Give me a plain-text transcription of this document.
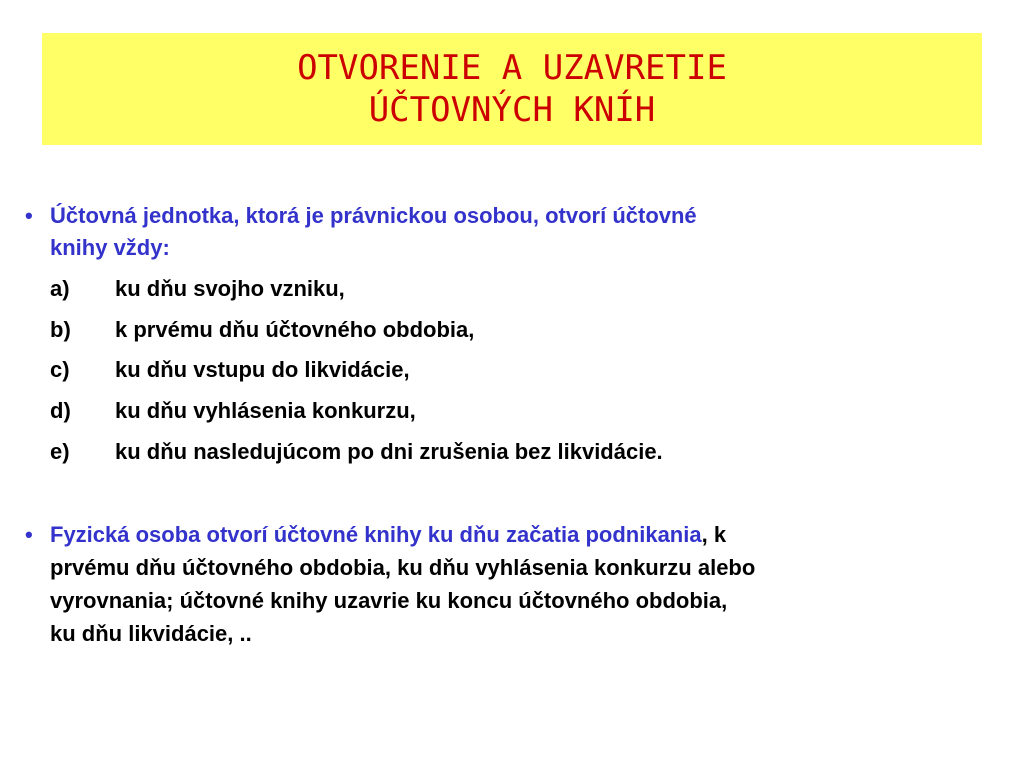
OTVORENIE A UZAVRETIE
ÚČTOVNÝCH KNÍH
• Účtovná jednotka, ktorá je právnickou osobou, otvorí účtovné
knihy vždy:
a) ku dňu svojho vzniku,
b) k prvému dňu účtovného obdobia,
c) ku dňu vstupu do likvidácie,
d) ku dňu vyhlásenia konkurzu,
e) ku dňu nasledujúcom po dni zrušenia bez likvidácie.
• Fyzická osoba otvorí účtovné knihy ku dňu začatia podnikania, k
prvému dňu účtovného obdobia, ku dňu vyhlásenia konkurzu alebo
vyrovnania; účtovné knihy uzavrie ku koncu účtovného obdobia,
ku dňu likvidácie, ..
